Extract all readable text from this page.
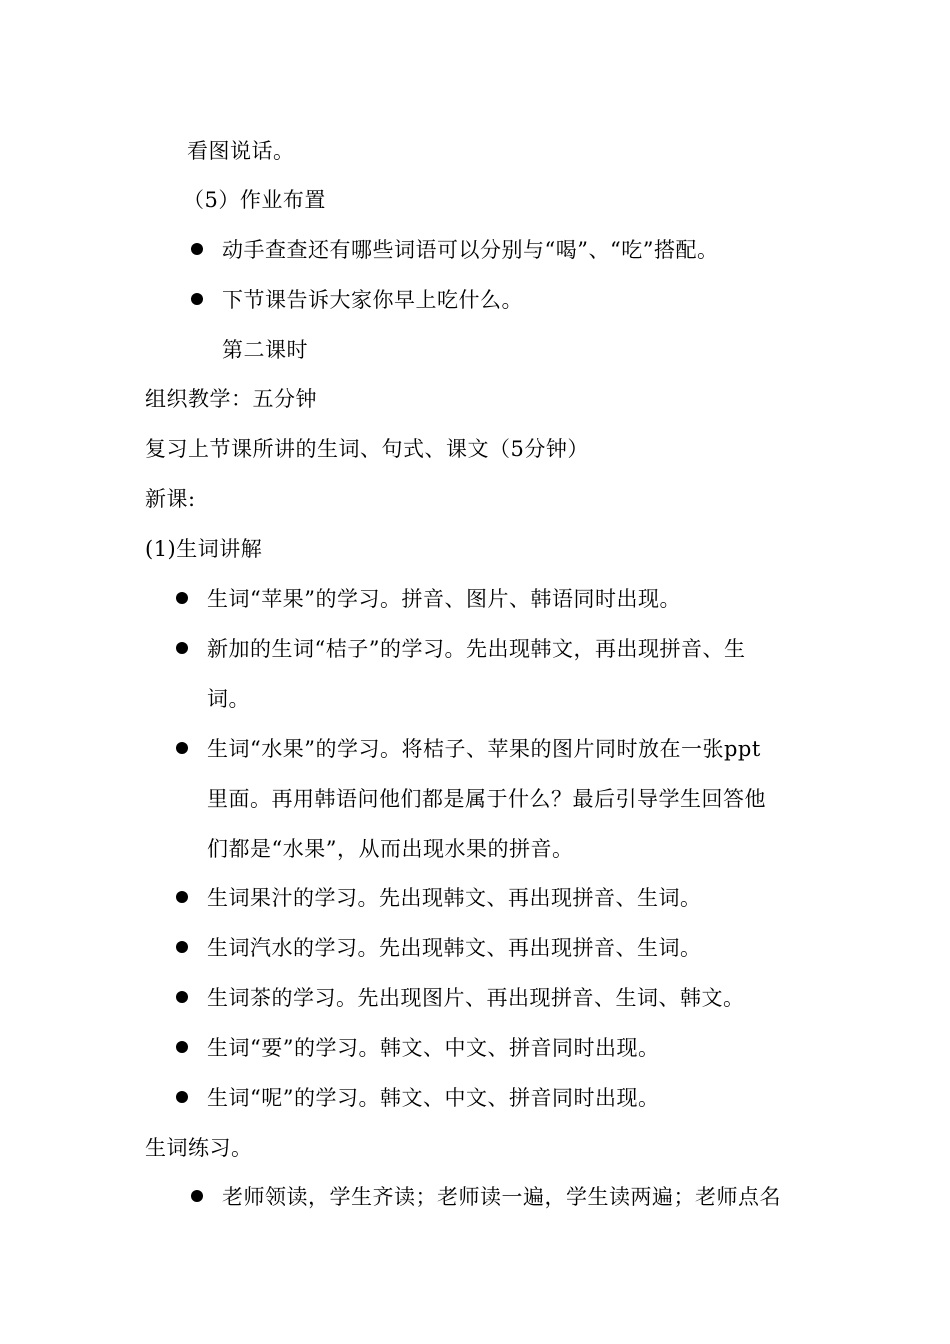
看图说话。
（5）作业布置
动手查查还有哪些词语可以分别与“喝”、“吃”搭配。
下节课告诉大家你早上吃什么。
第二课时
组织教学：五分钟
复习上节课所讲的生词、句式、课文（5分钟）
新课:
(1)生词讲解
生词“苹果”的学习。拼音、图片、韩语同时出现。
新加的生词“桔子”的学习。先出现韩文，再出现拼音、生
词。
生词“水果”的学习。将桔子、苹果的图片同时放在一张ppt
里面。再用韩语问他们都是属于什么？最后引导学生回答他
们都是“水果”，从而出现水果的拼音。
生词果汁的学习。先出现韩文、再出现拼音、生词。
生词汽水的学习。先出现韩文、再出现拼音、生词。
生词茶的学习。先出现图片、再出现拼音、生词、韩文。
生词“要”的学习。韩文、中文、拼音同时出现。
生词“呢”的学习。韩文、中文、拼音同时出现。
生词练习。
老师领读，学生齐读；老师读一遍，学生读两遍；老师点名
